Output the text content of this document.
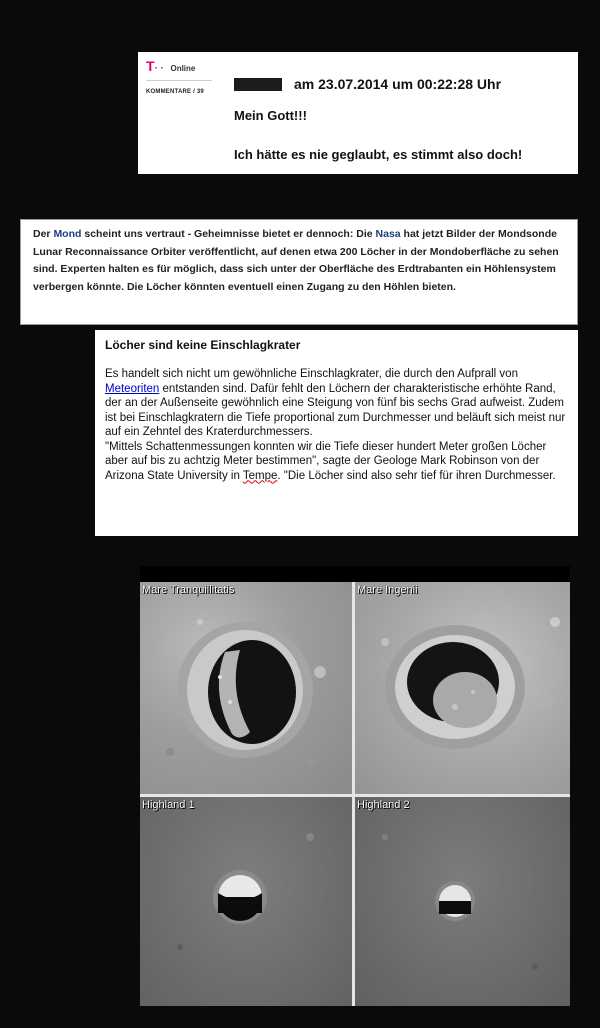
T· · Online
KOMMENTARE / 39	am 23.07.2014 um 00:22:28 Uhr
Mein Gott!!!
Ich hätte es nie geglaubt, es stimmt also doch!
Der Mond scheint uns vertraut - Geheimnisse bietet er dennoch: Die Nasa hat jetzt Bilder der Mondsonde Lunar Reconnaissance Orbiter veröffentlicht, auf denen etwa 200 Löcher in der Mondoberfläche zu sehen sind. Experten halten es für möglich, dass sich unter der Oberfläche des Erdtrabanten ein Höhlensystem verbergen könnte. Die Löcher könnten eventuell einen Zugang zu den Höhlen bieten.
Löcher sind keine Einschlagkrater
Es handelt sich nicht um gewöhnliche Einschlagkrater, die durch den Aufprall von Meteoriten entstanden sind. Dafür fehlt den Löchern der charakteristische erhöhte Rand, der an der Außenseite gewöhnlich eine Steigung von fünf bis sechs Grad aufweist. Zudem ist bei Einschlagkratern die Tiefe proportional zum Durchmesser und beläuft sich meist nur auf ein Zehntel des Kraterdurchmessers.
"Mittels Schattenmessungen konnten wir die Tiefe dieser hundert Meter großen Löcher aber auf bis zu achtzig Meter bestimmen", sagte der Geologe Mark Robinson von der Arizona State University in Tempe. "Die Löcher sind also sehr tief für ihren Durchmesser.
Mare Tranquillitatis	Mare Ingenii
Highland 1	Highland 2
